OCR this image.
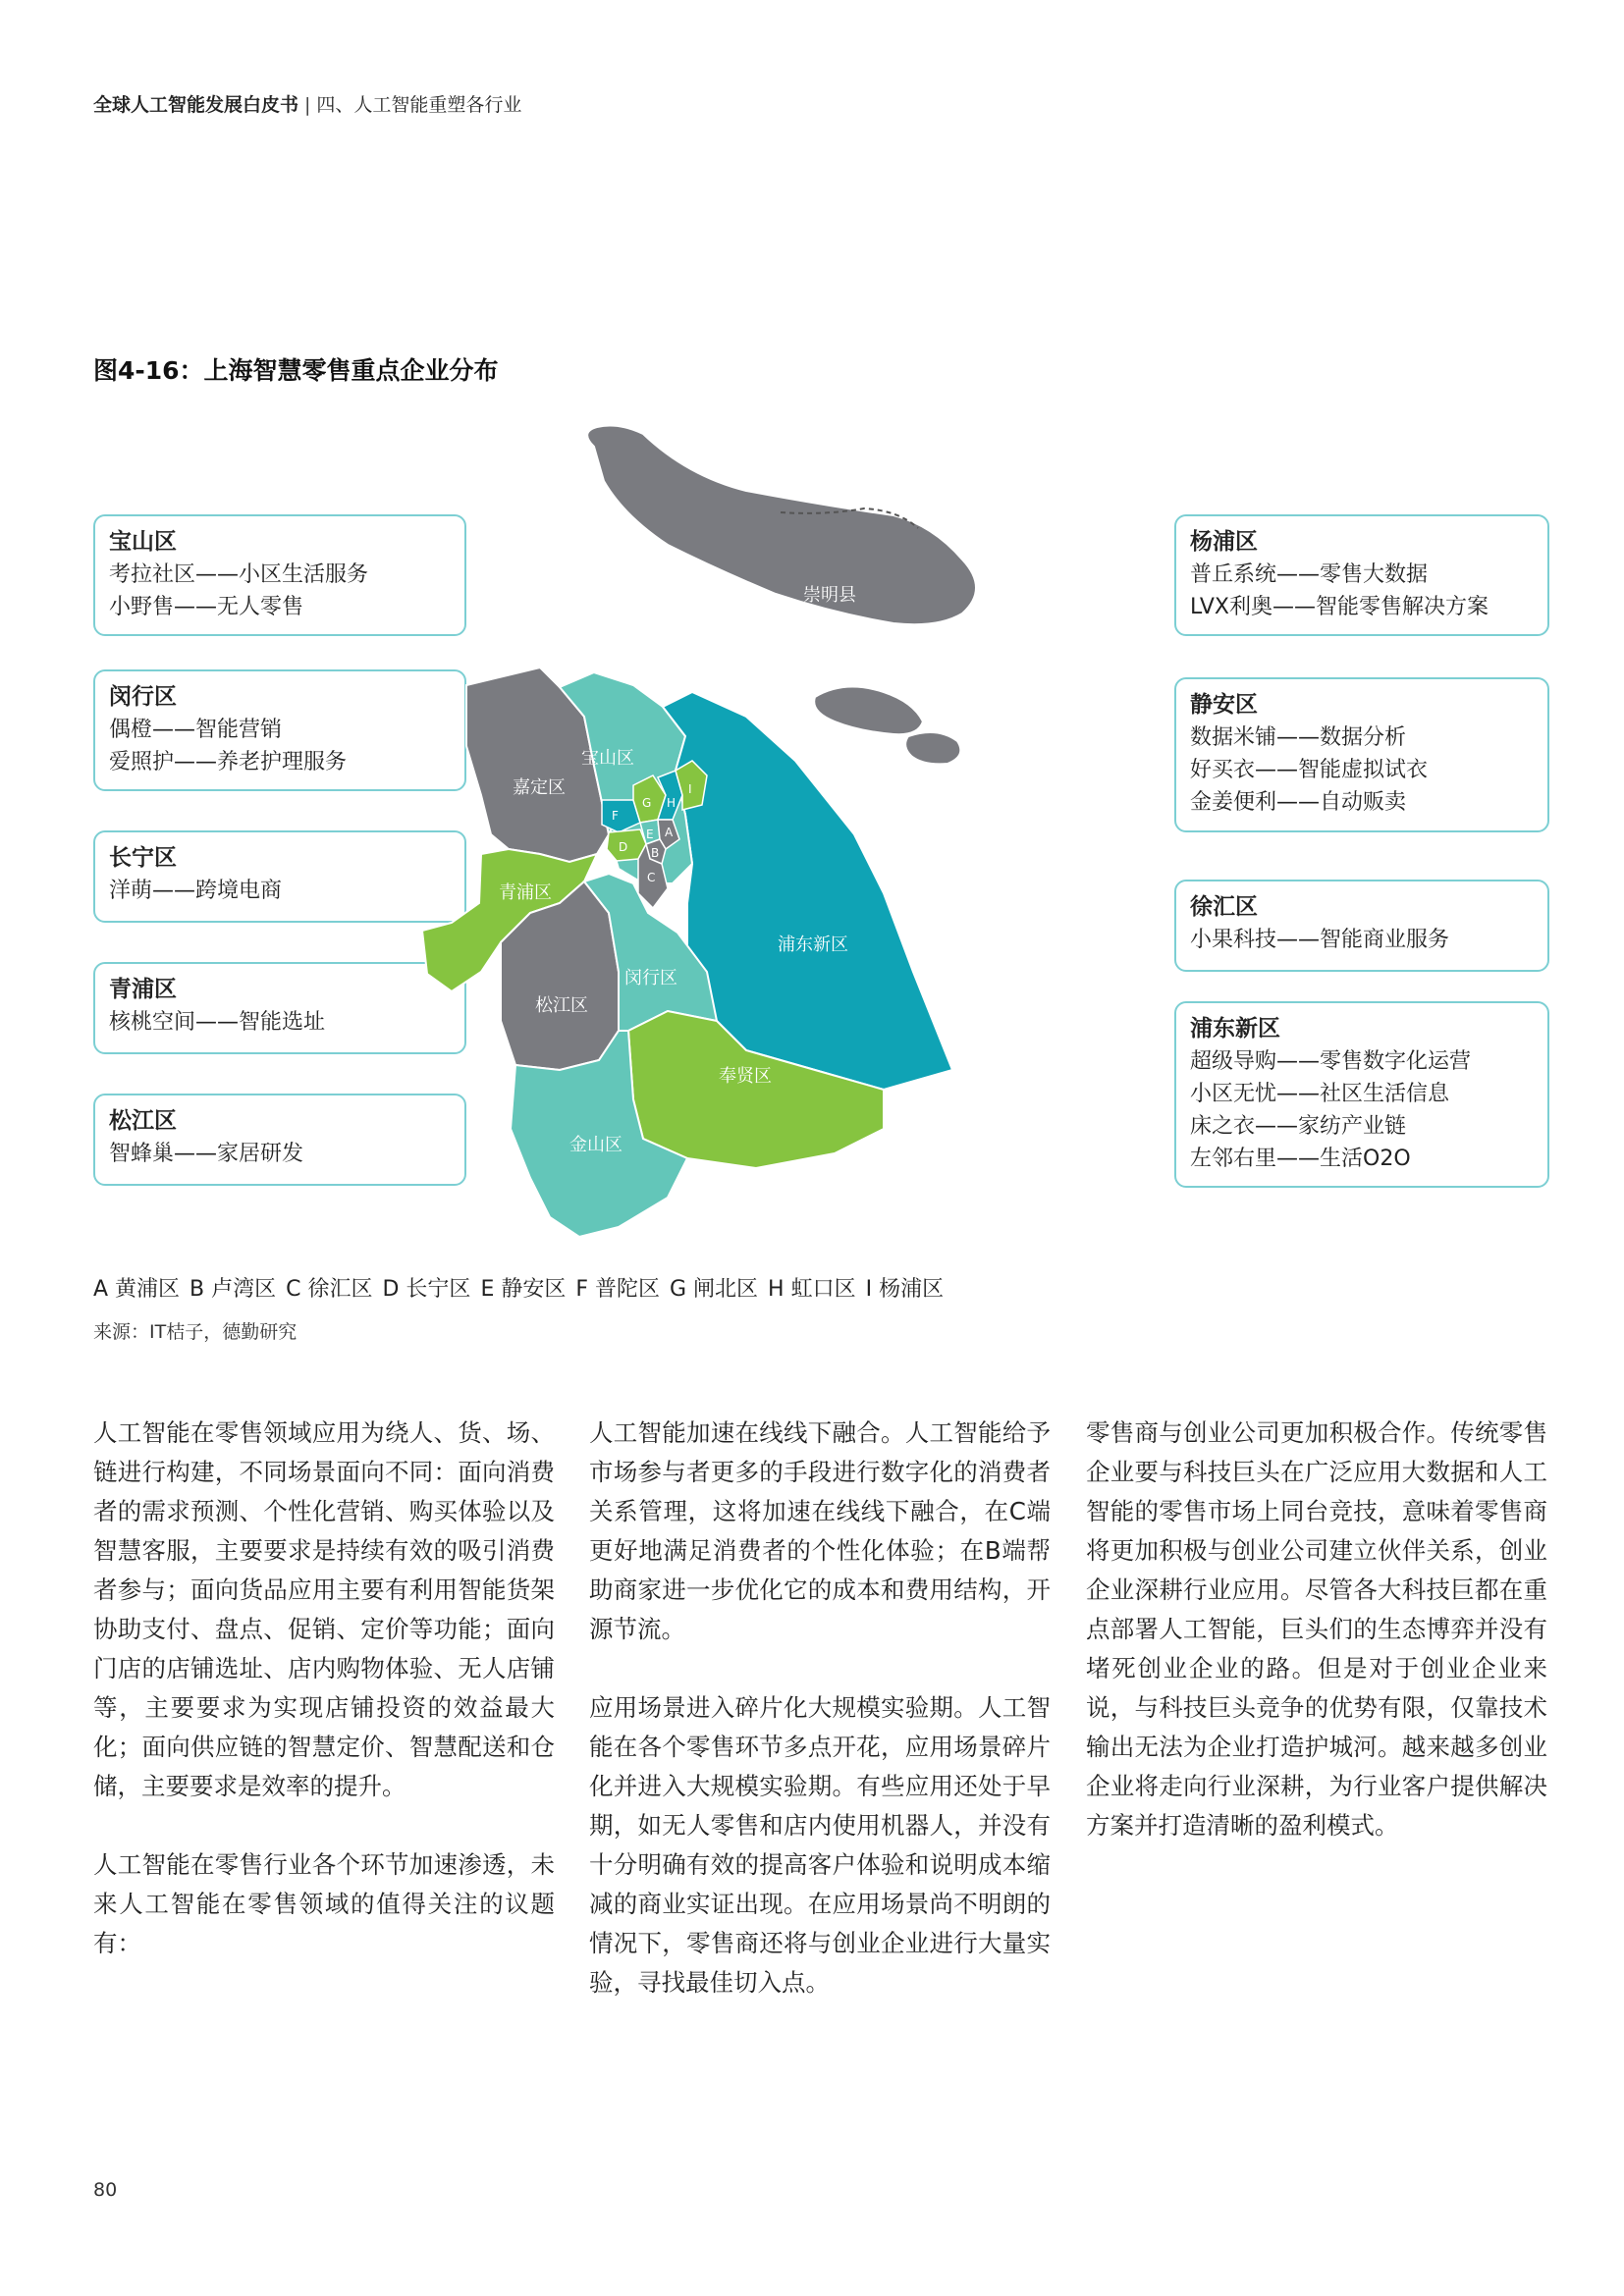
全球人工智能发展白皮书 | 四、人工智能重塑各行业
图4-16：上海智慧零售重点企业分布
宝山区
考拉社区——小区生活服务
小野售——无人零售
闵行区
偶橙——智能营销
爱照护——养老护理服务
长宁区
洋萌——跨境电商
青浦区
核桃空间——智能选址
松江区
智蜂巢——家居研发
杨浦区
普丘系统——零售大数据
LVX利奥——智能零售解决方案
静安区
数据米铺——数据分析
好买衣——智能虚拟试衣
金姜便利——自动贩卖
徐汇区
小果科技——智能商业服务
浦东新区
超级导购——零售数字化运营
小区无忧——社区生活信息
床之衣——家纺产业链
左邻右里——生活O2O
崇明县
嘉定区
宝山区
青浦区
松江区
闵行区
浦东新区
奉贤区
金山区
A
B
C
D
E
F
G H
I
A 黄浦区 B 卢湾区 C 徐汇区 D 长宁区 E 静安区 F 普陀区 G 闸北区 H 虹口区 I 杨浦区
来源：IT桔子，德勤研究

人工智能在零售领域应用为绕人、货、场、链进行构建，不同场景面向不同：面向消费者的需求预测、个性化营销、购买体验以及智慧客服，主要要求是持续有效的吸引消费者参与；面向货品应用主要有利用智能货架协助支付、盘点、促销、定价等功能；面向门店的店铺选址、店内购物体验、无人店铺等，主要要求为实现店铺投资的效益最大化；面向供应链的智慧定价、智慧配送和仓储，主要要求是效率的提升。

人工智能在零售行业各个环节加速渗透，未来人工智能在零售领域的值得关注的议题有：

人工智能加速在线线下融合。人工智能给予市场参与者更多的手段进行数字化的消费者关系管理，这将加速在线线下融合，在C端更好地满足消费者的个性化体验；在B端帮助商家进一步优化它的成本和费用结构，开源节流。

应用场景进入碎片化大规模实验期。人工智能在各个零售环节多点开花，应用场景碎片化并进入大规模实验期。有些应用还处于早期，如无人零售和店内使用机器人，并没有十分明确有效的提高客户体验和说明成本缩减的商业实证出现。在应用场景尚不明朗的情况下，零售商还将与创业企业进行大量实验，寻找最佳切入点。

零售商与创业公司更加积极合作。传统零售企业要与科技巨头在广泛应用大数据和人工智能的零售市场上同台竞技，意味着零售商将更加积极与创业公司建立伙伴关系，创业企业深耕行业应用。尽管各大科技巨都在重点部署人工智能，巨头们的生态博弈并没有堵死创业企业的路。但是对于创业企业来说，与科技巨头竞争的优势有限，仅靠技术输出无法为企业打造护城河。越来越多创业企业将走向行业深耕，为行业客户提供解决方案并打造清晰的盈利模式。

80
